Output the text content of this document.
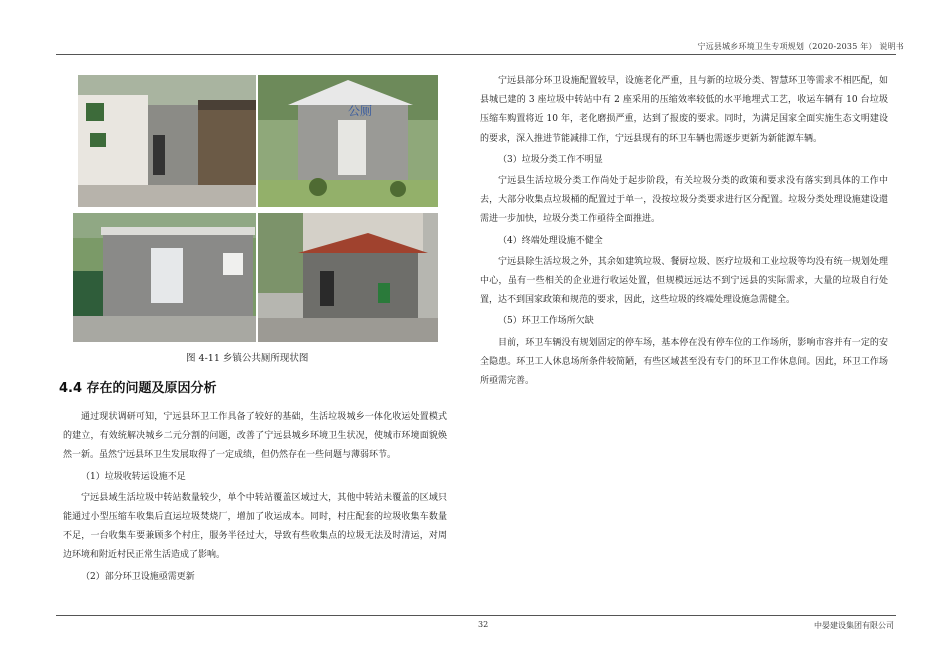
宁远县城乡环境卫生专项规划（2020-2035 年） 说明书
公厕
图 4-11 乡镇公共厕所现状图
4.4 存在的问题及原因分析

通过现状调研可知，宁远县环卫工作具备了较好的基础，生活垃圾城乡一体化收运处置模式的建立，有效统解决城乡二元分割的问题，改善了宁远县城乡环境卫生状况，使城市环境面貌焕然一新。虽然宁远县环卫生发展取得了一定成绩，但仍然存在一些问题与薄弱环节。

（1）垃圾收转运设施不足

宁远县域生活垃圾中转站数量较少，单个中转站覆盖区域过大，其他中转站未覆盖的区域只能通过小型压缩车收集后直运垃圾焚烧厂，增加了收运成本。同时，村庄配套的垃圾收集车数量不足，一台收集车要兼顾多个村庄，服务半径过大，导致有些收集点的垃圾无法及时清运，对周边环境和附近村民正常生活造成了影响。

（2）部分环卫设施亟需更新

宁远县部分环卫设施配置较早，设施老化严重，且与新的垃圾分类、智慧环卫等需求不相匹配，如县城已建的 3 座垃圾中转站中有 2 座采用的压缩效率较低的水平地埋式工艺，收运车辆有 10 台垃圾压缩车购置将近 10 年，老化磨损严重，达到了报废的要求。同时，为满足国家全面实施生态文明建设的要求，深入推进节能减排工作，宁远县现有的环卫车辆也需逐步更新为新能源车辆。

（3）垃圾分类工作不明显

宁远县生活垃圾分类工作尚处于起步阶段，有关垃圾分类的政策和要求没有落实到具体的工作中去，大部分收集点垃圾桶的配置过于单一，没按垃圾分类要求进行区分配置。垃圾分类处理设施建设還需进一步加快，垃圾分类工作亟待全面推进。

（4）终端处理设施不健全

宁远县除生活垃圾之外，其余如建筑垃圾、餐厨垃圾、医疗垃圾和工业垃圾等均没有统一规划处理中心，虽有一些相关的企业进行收运处置，但规模远远达不到宁远县的实际需求，大量的垃圾自行处置，达不到国家政策和规范的要求，因此，这些垃圾的终端处理设施急需健全。

（5）环卫工作场所欠缺

目前，环卫车辆没有规划固定的停车场，基本停在没有停车位的工作场所，影响市容并有一定的安全隐患。环卫工人休息场所条件较简陋，有些区域甚至没有专门的环卫工作休息间。因此，环卫工作场所亟需完善。

32	中晏建设集团有限公司
